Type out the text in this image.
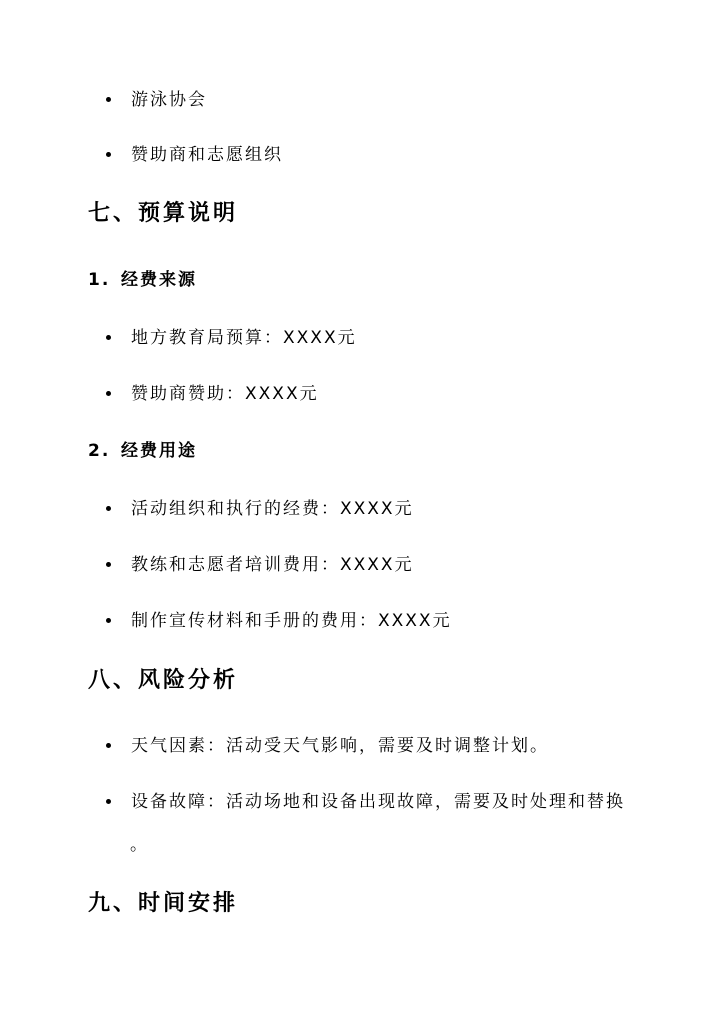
游泳协会
赞助商和志愿组织
七、预算说明
1. 经费来源
地方教育局预算：XXXX元
赞助商赞助：XXXX元
2. 经费用途
活动组织和执行的经费：XXXX元
教练和志愿者培训费用：XXXX元
制作宣传材料和手册的费用：XXXX元
八、风险分析
天气因素：活动受天气影响，需要及时调整计划。
设备故障：活动场地和设备出现故障，需要及时处理和替换
。
九、时间安排
